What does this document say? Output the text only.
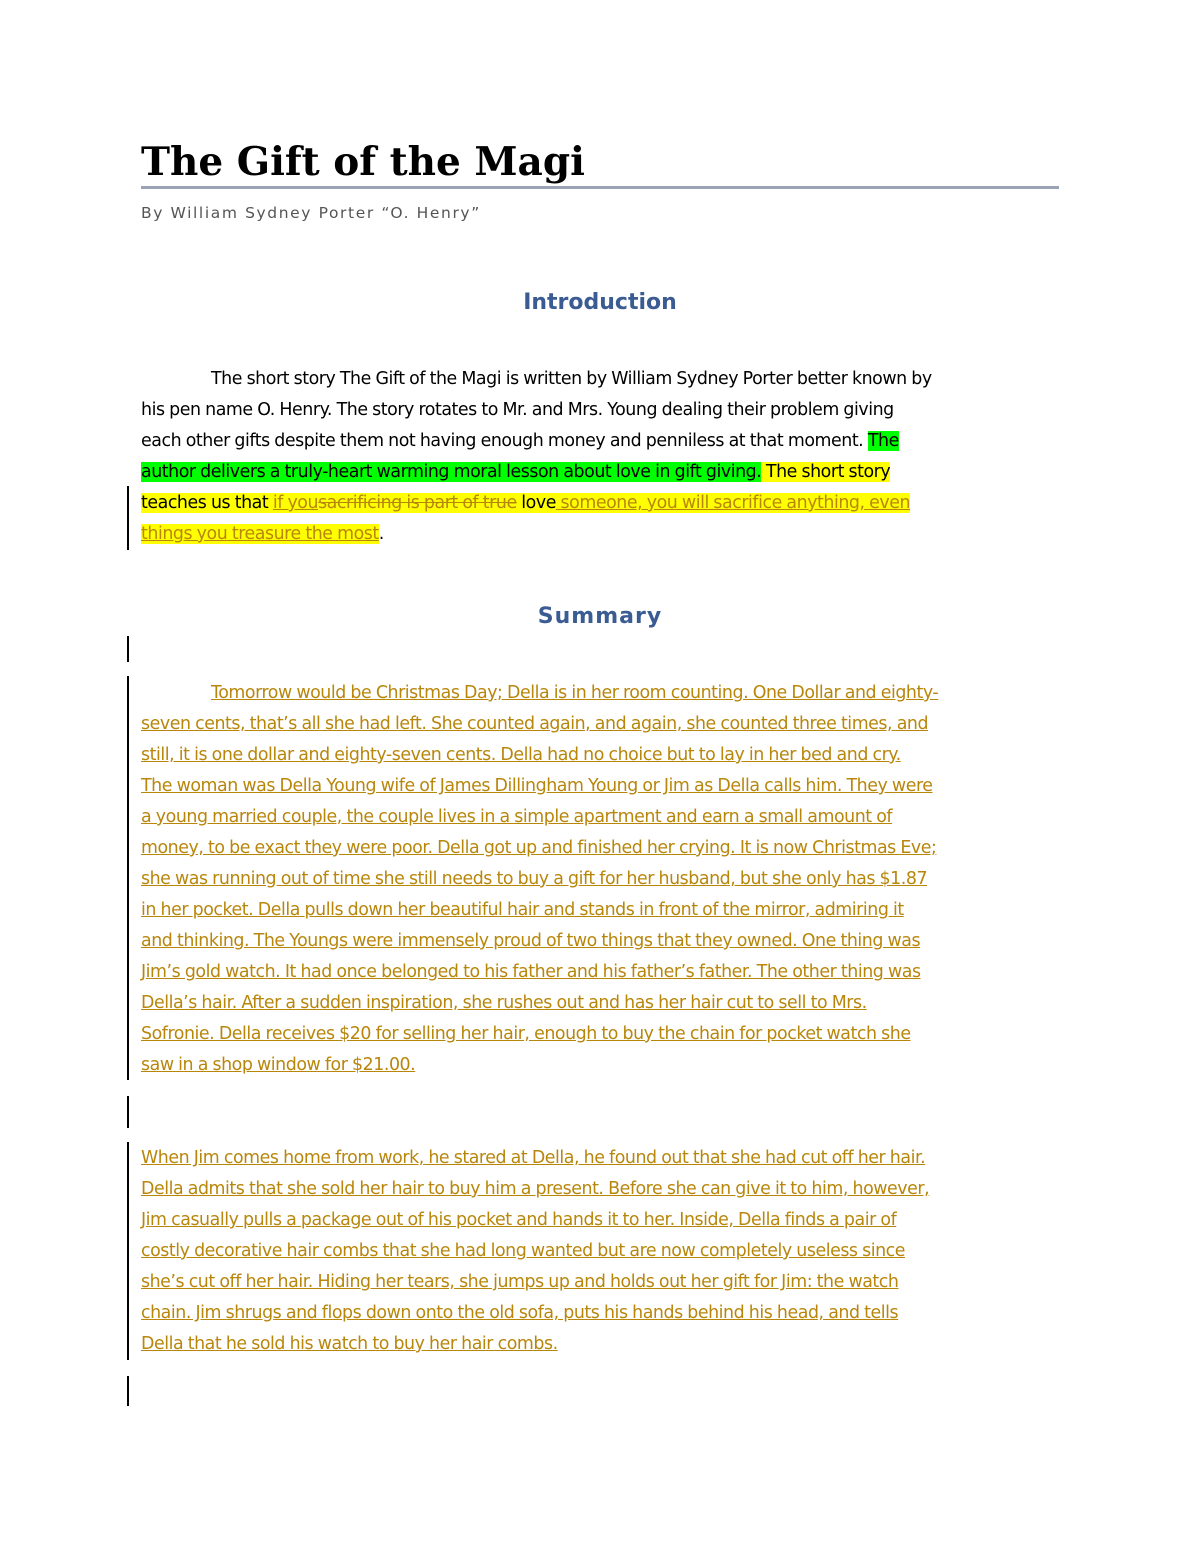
The Gift of the Magi

By William Sydney Porter “O. Henry”

Introduction
The short story The Gift of the Magi is written by William Sydney Porter better known by
his pen name O. Henry. The story rotates to Mr. and Mrs. Young dealing their problem giving
each other gifts despite them not having enough money and penniless at that moment. The
author delivers a truly-heart warming moral lesson about love in gift giving. The short story
teaches us that if yousacrificing is part of true love someone, you will sacrifice anything, even
things you treasure the most.
Summary
Tomorrow would be Christmas Day; Della is in her room counting. One Dollar and eighty-
seven cents, that’s all she had left. She counted again, and again, she counted three times, and
still, it is one dollar and eighty-seven cents. Della had no choice but to lay in her bed and cry.
The woman was Della Young wife of James Dillingham Young or Jim as Della calls him. They were
a young married couple, the couple lives in a simple apartment and earn a small amount of
money, to be exact they were poor. Della got up and finished her crying. It is now Christmas Eve;
she was running out of time she still needs to buy a gift for her husband, but she only has $1.87
in her pocket. Della pulls down her beautiful hair and stands in front of the mirror, admiring it
and thinking. The Youngs were immensely proud of two things that they owned. One thing was
Jim’s gold watch. It had once belonged to his father and his father’s father. The other thing was
Della’s hair. After a sudden inspiration, she rushes out and has her hair cut to sell to Mrs.
Sofronie. Della receives $20 for selling her hair, enough to buy the chain for pocket watch she
saw in a shop window for $21.00.
When Jim comes home from work, he stared at Della, he found out that she had cut off her hair.
Della admits that she sold her hair to buy him a present. Before she can give it to him, however,
Jim casually pulls a package out of his pocket and hands it to her. Inside, Della finds a pair of
costly decorative hair combs that she had long wanted but are now completely useless since
she’s cut off her hair. Hiding her tears, she jumps up and holds out her gift for Jim: the watch
chain. Jim shrugs and flops down onto the old sofa, puts his hands behind his head, and tells
Della that he sold his watch to buy her hair combs.
